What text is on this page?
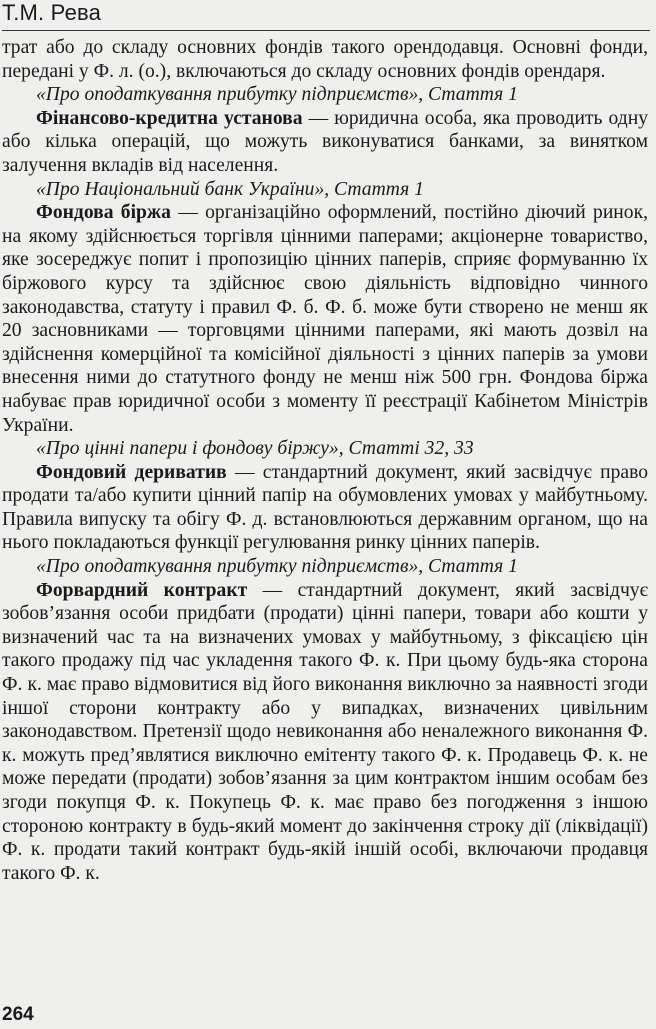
Т.М. Рева

трат або до складу основних фондів такого орендодавця. Основні фонди, передані у Ф. л. (о.), включаються до складу основних фондів орендаря.

«Про оподаткування прибутку підприємств», Стаття 1

Фінансово-кредитна установа — юридична особа, яка проводить одну або кілька операцій, що можуть виконуватися банками, за винятком залучення вкладів від населення.

«Про Національний банк України», Стаття 1

Фондова біржа — організаційно оформлений, постійно діючий ринок, на якому здійснюється торгівля цінними паперами; акціонерне товариство, яке зосереджує попит і пропозицію цінних паперів, сприяє формуванню їх біржового курсу та здійснює свою діяльність відповідно чинного законодавства, статуту і правил Ф. б. Ф. б. може бути створено не менш як 20 засновниками — торговцями цінними паперами, які мають дозвіл на здійснення комерційної та комісійної діяльності з цінних паперів за умови внесення ними до статутного фонду не менш ніж 500 грн. Фондова біржа набуває прав юридичної особи з моменту її реєстрації Кабінетом Міністрів України.

«Про цінні папери і фондову біржу», Статті 32, 33

Фондовий дериватив — стандартний документ, який засвідчує право продати та/або купити цінний папір на обумовлених умовах у майбутньому. Правила випуску та обігу Ф. д. встановлюються державним органом, що на нього покладаються функції регулювання ринку цінних паперів.

«Про оподаткування прибутку підприємств», Стаття 1

Форвардний контракт — стандартний документ, який засвідчує зобов’язання особи придбати (продати) цінні папери, товари або кошти у визначений час та на визначених умовах у майбутньому, з фіксацією цін такого продажу під час укладення такого Ф. к. При цьому будь-яка сторона Ф. к. має право відмовитися від його виконання виключно за наявності згоди іншої сторони контракту або у випадках, визначених цивільним законодавством. Претензії щодо невиконання або неналежного виконання Ф. к. можуть пред’являтися виключно емітенту такого Ф. к. Продавець Ф. к. не може передати (продати) зобов’язання за цим контрактом іншим особам без згоди покупця Ф. к. Покупець Ф. к. має право без погодження з іншою стороною контракту в будь-який момент до закінчення строку дії (ліквідації) Ф. к. продати такий контракт будь-якій іншій особі, включаючи продавця такого Ф. к.

264
